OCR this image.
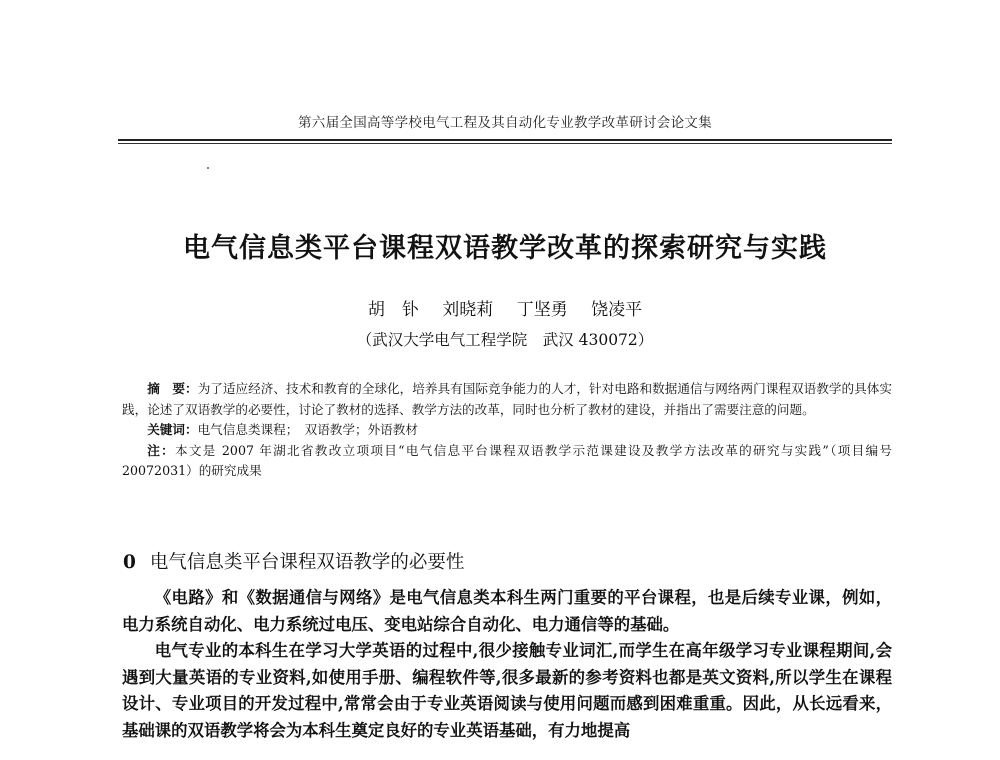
第六届全国高等学校电气工程及其自动化专业教学改革研讨会论文集
电气信息类平台课程双语教学改革的探索研究与实践
胡　钋 刘晓莉 丁坚勇 饶凌平
（武汉大学电气工程学院　武汉 430072）

摘　要：为了适应经济、技术和教育的全球化，培养具有国际竞争能力的人才，针对电路和数据通信与网络两门课程双语教学的具体实践，论述了双语教学的必要性，讨论了教材的选择、教学方法的改革，同时也分析了教材的建设，并指出了需要注意的问题。

关键词：电气信息类课程；　双语教学；外语教材

注：本文是 2007 年湖北省教改立项项目“电气信息平台课程双语教学示范课建设及教学方法改革的研究与实践”（项目编号 20072031）的研究成果

0 电气信息类平台课程双语教学的必要性

《电路》和《数据通信与网络》是电气信息类本科生两门重要的平台课程，也是后续专业课，例如，电力系统自动化、电力系统过电压、变电站综合自动化、电力通信等的基础。

电气专业的本科生在学习大学英语的过程中,很少接触专业词汇,而学生在高年级学习专业课程期间,会遇到大量英语的专业资料,如使用手册、编程软件等,很多最新的参考资料也都是英文资料,所以学生在课程设计、专业项目的开发过程中,常常会由于专业英语阅读与使用问题而感到困难重重。因此，从长远看来，基础课的双语教学将会为本科生奠定良好的专业英语基础，有力地提高
